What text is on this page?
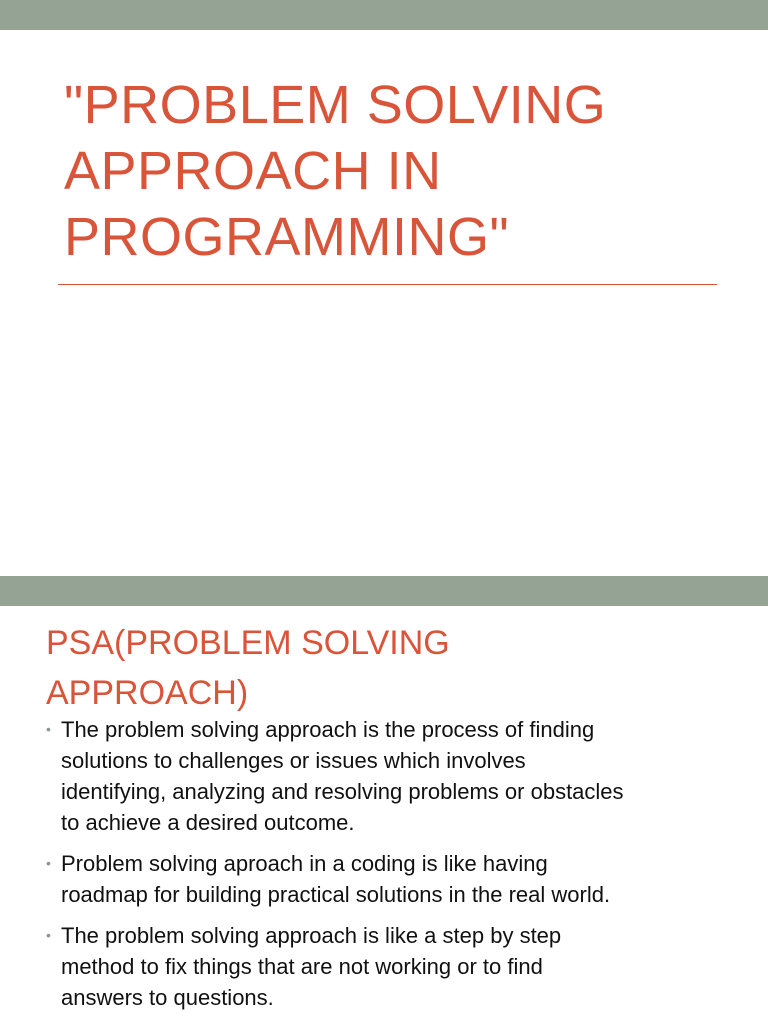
"PROBLEM SOLVING
APPROACH IN
PROGRAMMING"
PSA(PROBLEM SOLVING
APPROACH)
• The problem solving approach is the process of finding
solutions to challenges or issues which involves
identifying, analyzing and resolving problems or obstacles
to achieve a desired outcome.
• Problem solving aproach in a coding is like having
roadmap for building practical solutions in the real world.
• The problem solving approach is like a step by step
method to fix things that are not working or to find
answers to questions.
